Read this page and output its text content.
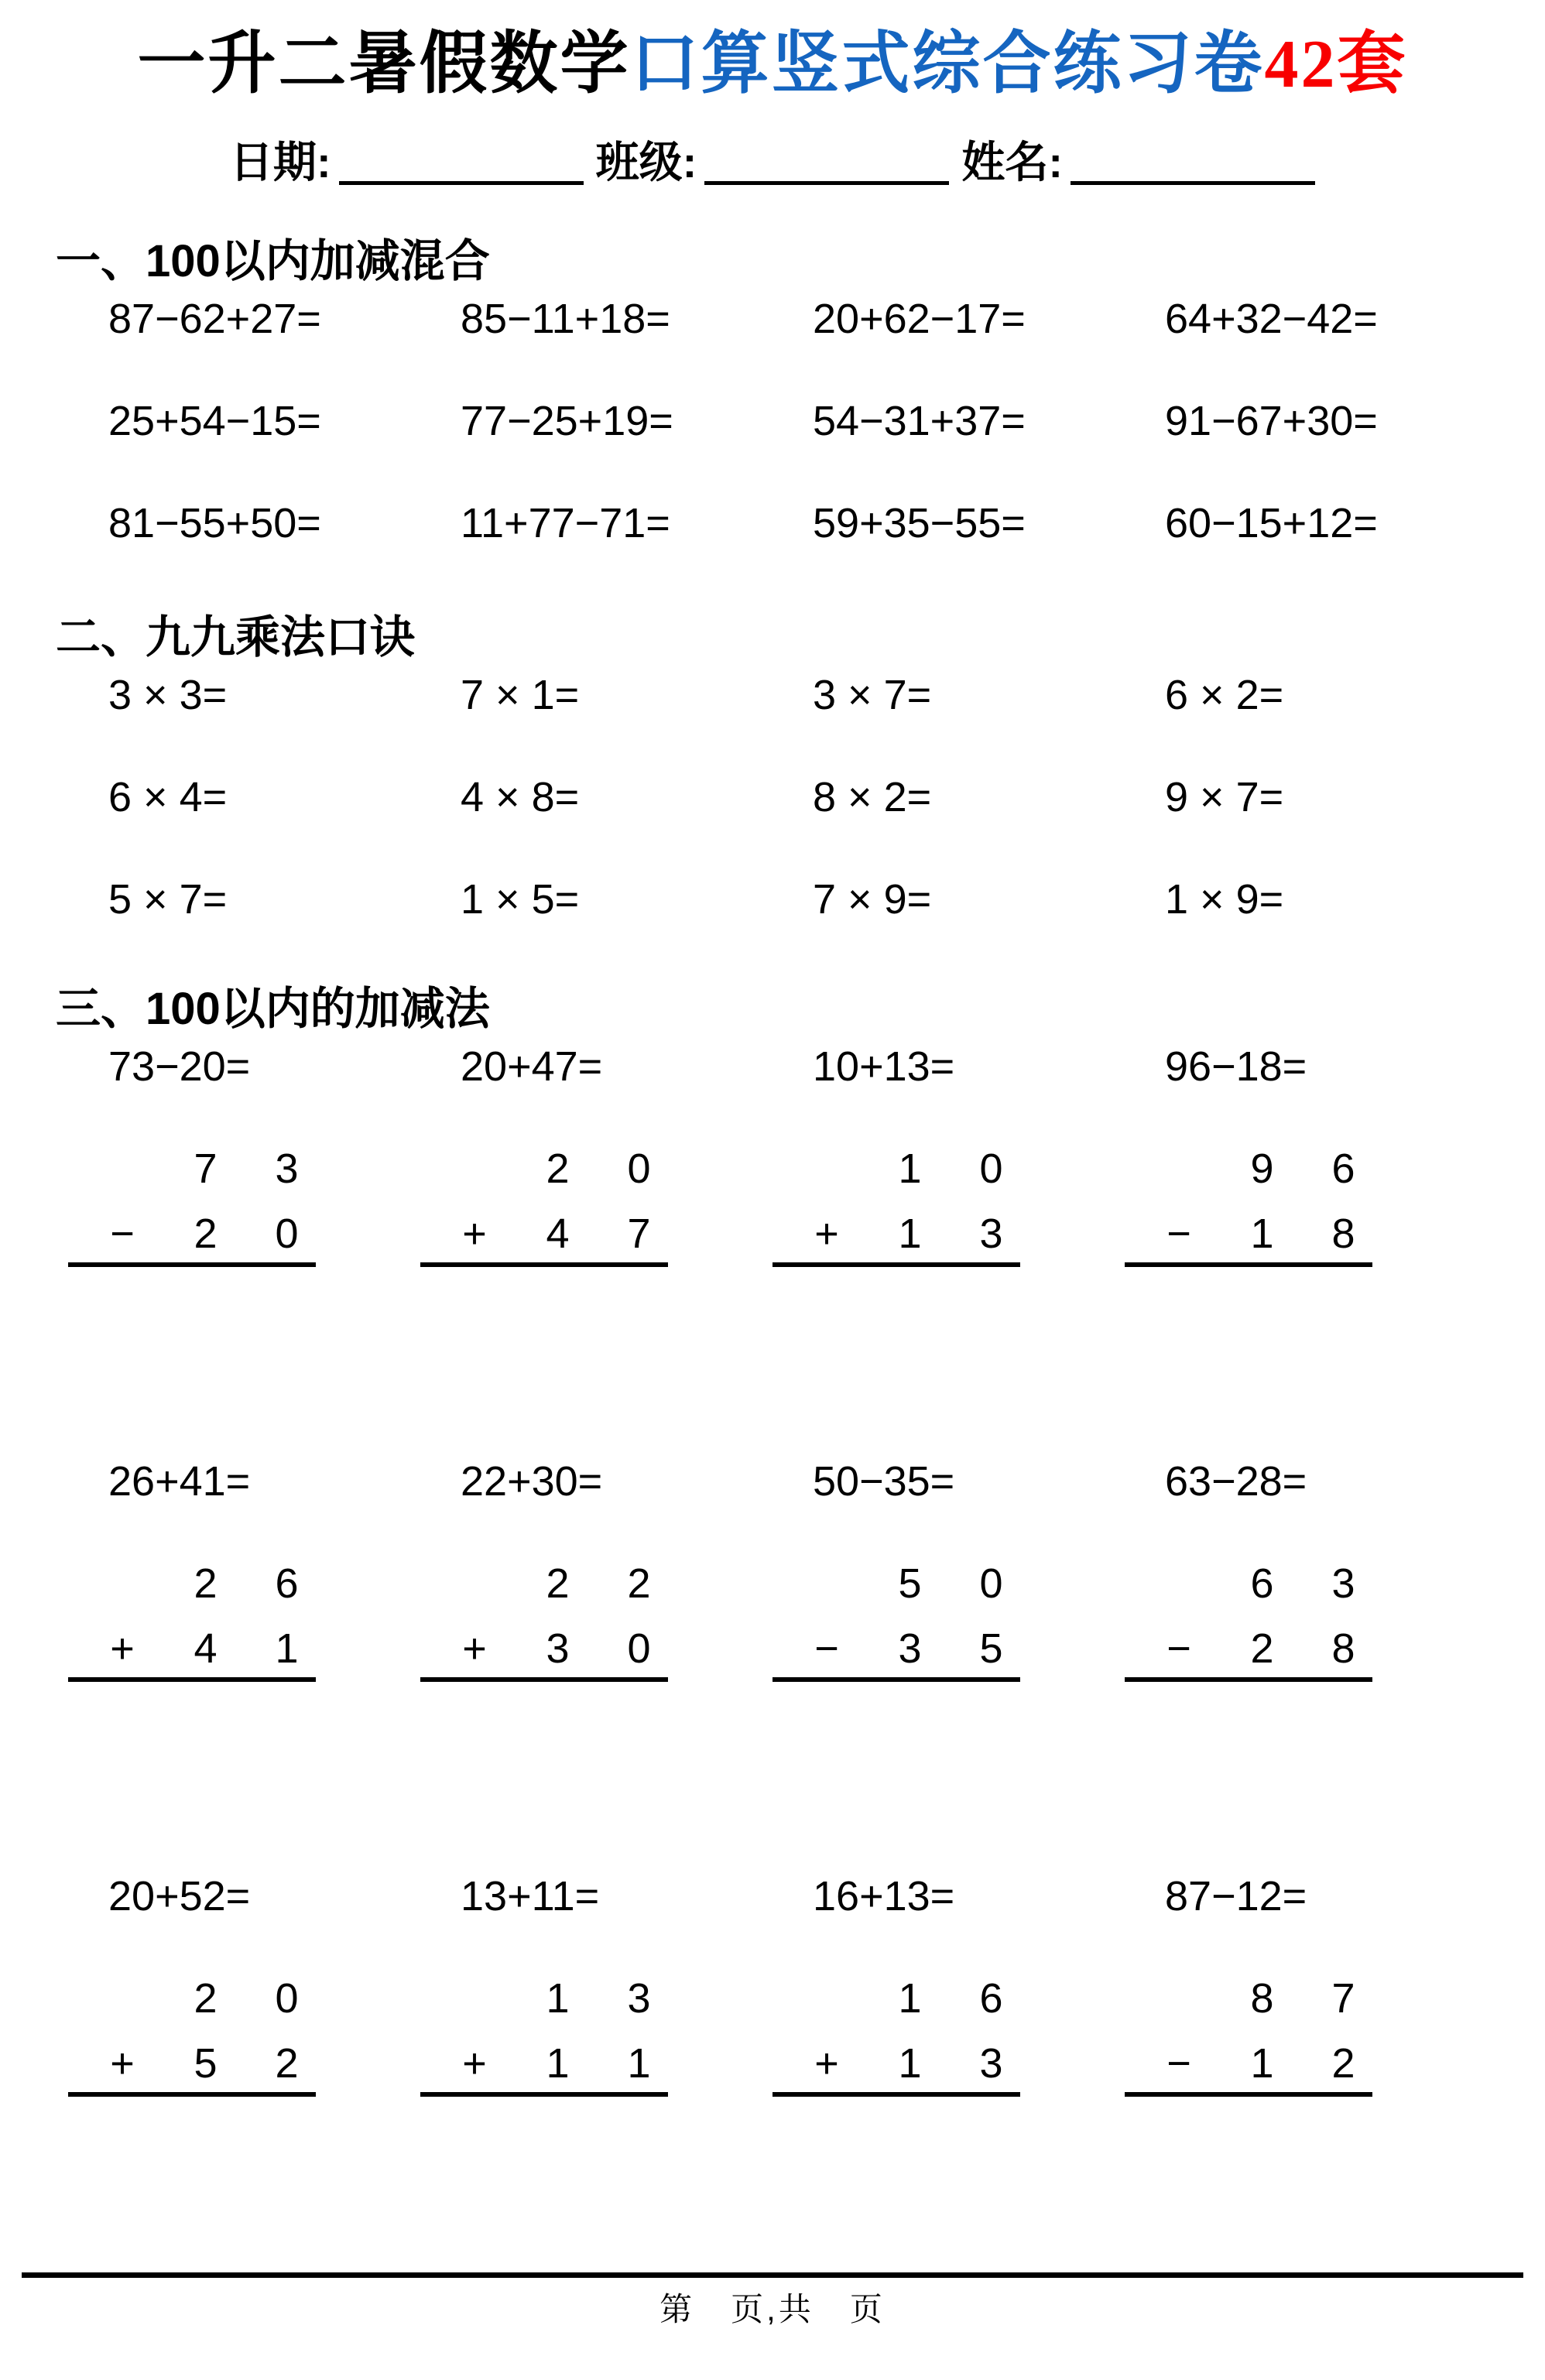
一升二暑假数学口算竖式综合练习卷42套
日期:	班级:	姓名:
一、100以内加减混合
87−62+27=	85−11+18=	20+62−17=	64+32−42=
25+54−15=	77−25+19=	54−31+37=	91−67+30=
81−55+50=	11+77−71=	59+35−55=	60−15+12=
二、九九乘法口诀
3 × 3=	7 × 1=	3 × 7=	6 × 2=
6 × 4=	4 × 8=	8 × 2=	9 × 7=
5 × 7=	1 × 5=	7 × 9=	1 × 9=
三、100以内的加减法
73−20=
7	3
−	2	0
20+47=
2	0
+	4	7
10+13=
1	0
+	1	3
96−18=
9	6
−	1	8
26+41=
2	6
+	4	1
22+30=
2	2
+	3	0
50−35=
5	0
−	3	5
63−28=
6	3
−	2	8
20+52=
2	0
+	5	2
13+11=
1	3
+	1	1
16+13=
1	6
+	1	3
87−12=
8	7
−	1	2
第　页,共　页
